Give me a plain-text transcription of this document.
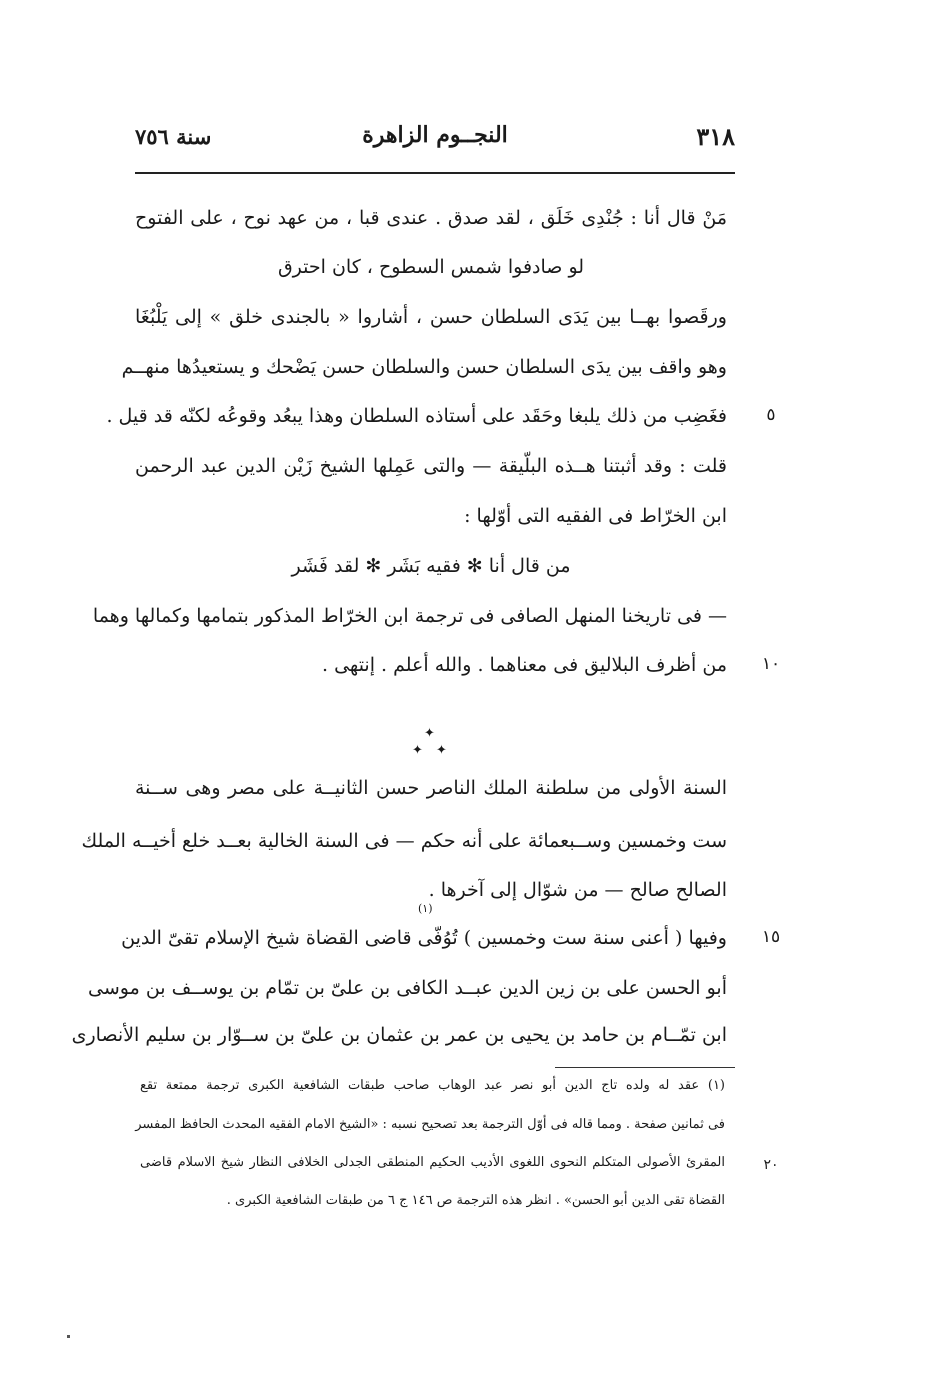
٣١٨
النجــوم الزاهرة
سنة ٧٥٦
مَنْ قال أنا : جُنْدِى خَلَق ، لقد صدق . عندى قبا ، من عهد نوح ، على الفتوح
لو صادفوا شمس السطوح ، كان احترق
ورقَصوا بهــا بين يَدَى السلطان حسن ، أشاروا « بالجندى خلق » إلى يَلْبُغَا
وهو واقف بين يدَى السلطان حسن والسلطان حسن يَضْحك و يستعيدُها منهــم
فغَضِب من ذلك يلبغا وحَقَد على أستاذه السلطان وهذا يبعُد وقوعُه لكنّه قد قيل .	٥
قلت : وقد أثبتنا هــذه البلّيقة — والتى عَمِلها الشيخ زَيْن الدين عبد الرحمن
ابن الخرّاط فى الفقيه التى أوّلها :
من قال أنا ✻ فقيه بَشَر ✻ لقد فَشَر
— فى تاريخنا المنهل الصافى فى ترجمة ابن الخرّاط المذكور بتمامها وكمالها وهما
من أظرف البلاليق فى معناهما . والله أعلم . إنتهى .	١٠
✦
✦ ✦
السنة الأولى من سلطنة الملك الناصر حسن الثانيــة على مصر وهى ســنة
ست وخمسين وســبعمائة على أنه حكم — فى السنة الخالية بعــد خلع أخيــه الملك
الصالح صالح — من شوّال إلى آخرها .
(١)
وفيها ( أعنى سنة ست وخمسين ) تُوُفّى قاضى القضاة شيخ الإسلام تقىّ الدين	١٥
أبو الحسن على بن زين الدين عبــد الكافى بن علىّ بن تمّام بن يوســف بن موسى
ابن تمّــام بن حامد بن يحيى بن عمر بن عثمان بن علىّ بن ســوّار بن سليم الأنصارى
(١) عقد له ولده تاج الدين أبو نصر عبد الوهاب صاحب طبقات الشافعية الكبرى ترجمة ممتعة تقع
فى ثمانين صفحة . ومما قاله فى أوّل الترجمة بعد تصحيح نسبه : «الشيخ الامام الفقيه المحدث الحافظ المفسر
المقرئ الأصولى المتكلم النحوى اللغوى الأديب الحكيم المنطقى الجدلى الخلافى النظار شيخ الاسلام قاضى	٢٠
القضاة تقى الدين أبو الحسن» . انظر هذه الترجمة ص ١٤٦ ج ٦ من طبقات الشافعية الكبرى .
